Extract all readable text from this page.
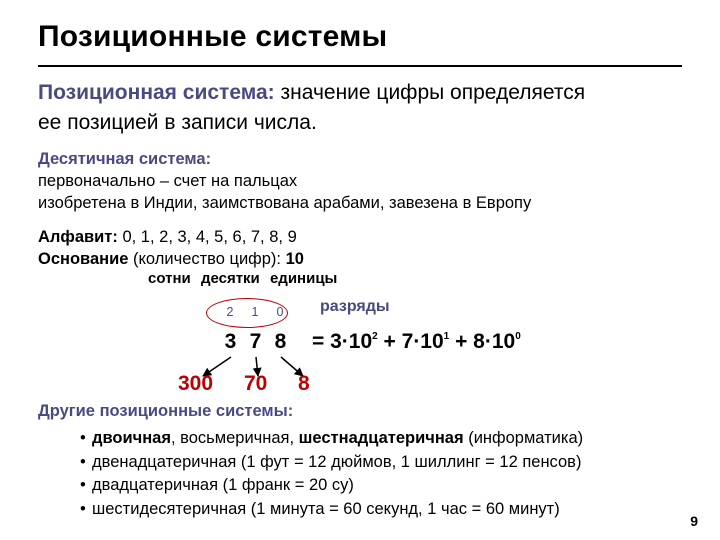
Позиционные системы
Позиционная система: значение цифры определяется
ее позицией в записи числа.
Десятичная система:
первоначально – счет на пальцах
изобретена в Индии, заимствована арабами, завезена в Европу
Алфавит: 0, 1, 2, 3, 4, 5, 6, 7, 8, 9
Основание (количество цифр): 10
сотни десятки единицы
2 1 0	разряды
3 7 8	= $3\cdot 10^2 + 7\cdot 10^1 + 8\cdot 10^0$
300 70 8
Другие позиционные системы:
• двоичная, восьмеричная, шестнадцатеричная (информатика)
• двенадцатеричная (1 фут = 12 дюймов, 1 шиллинг = 12 пенсов)
• двадцатеричная (1 франк = 20 су)
• шестидесятеричная (1 минута = 60 секунд, 1 час = 60 минут)
9
